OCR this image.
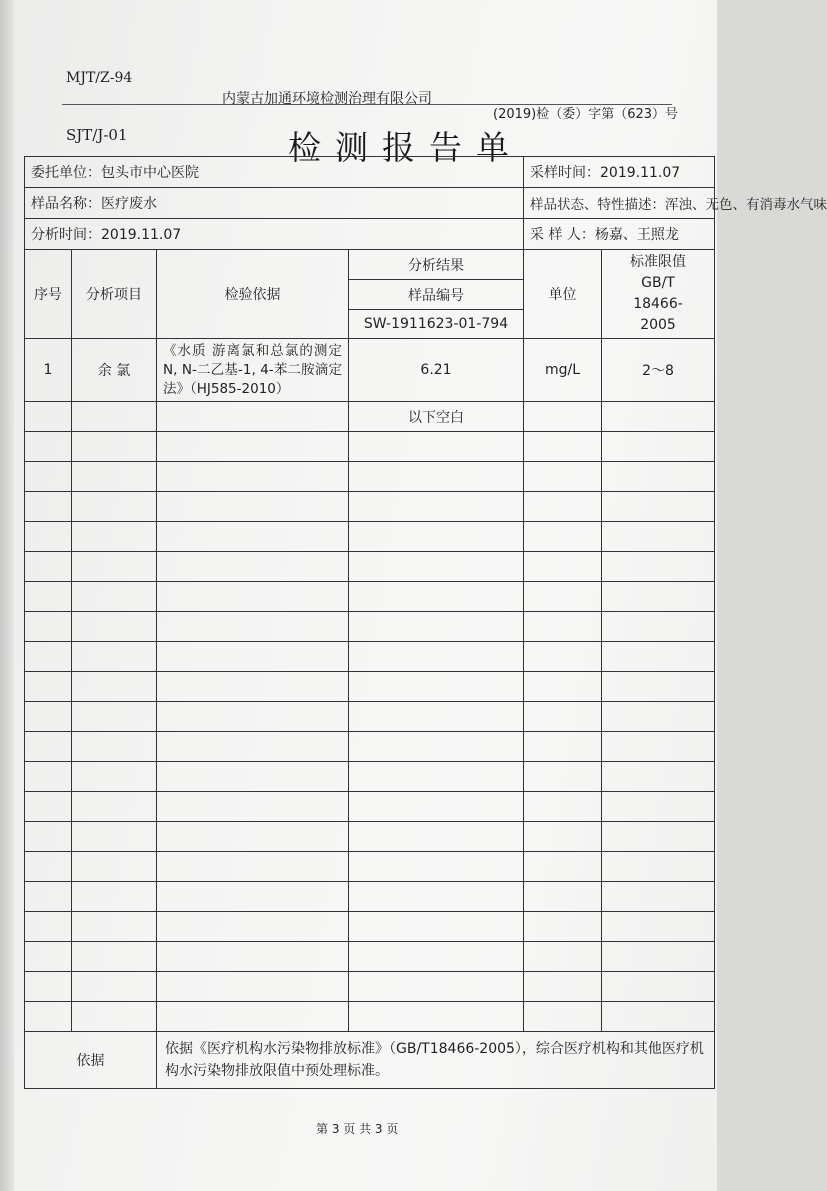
MJT/Z-94
内蒙古加通环境检测治理有限公司
(2019)检（委）字第（623）号
SJT/J-01	检测报告单
委托单位：包头市中心医院				采样时间：2019.11.07	
样品名称：医疗废水				样品状态、特性描述：浑浊、无色、有消毒水气味	
分析时间：2019.11.07				采 样 人：杨嘉、王照龙	
序号	分析项目	检验依据	分析结果	单位	标准限值 GB/T 18466-2005
			样品编号		
			SW-1911623-01-794		
1	余 氯	《水质 游离氯和总氯的测定 N, N-二乙基-1, 4-苯二胺滴定法》（HJ585-2010）	6.21	mg/L	2～8
			以下空白		

依据		依据《医疗机构水污染物排放标准》（GB/T18466-2005），综合医疗机构和其他医疗机构水污染物排放限值中预处理标准。			
第 3 页 共 3 页
